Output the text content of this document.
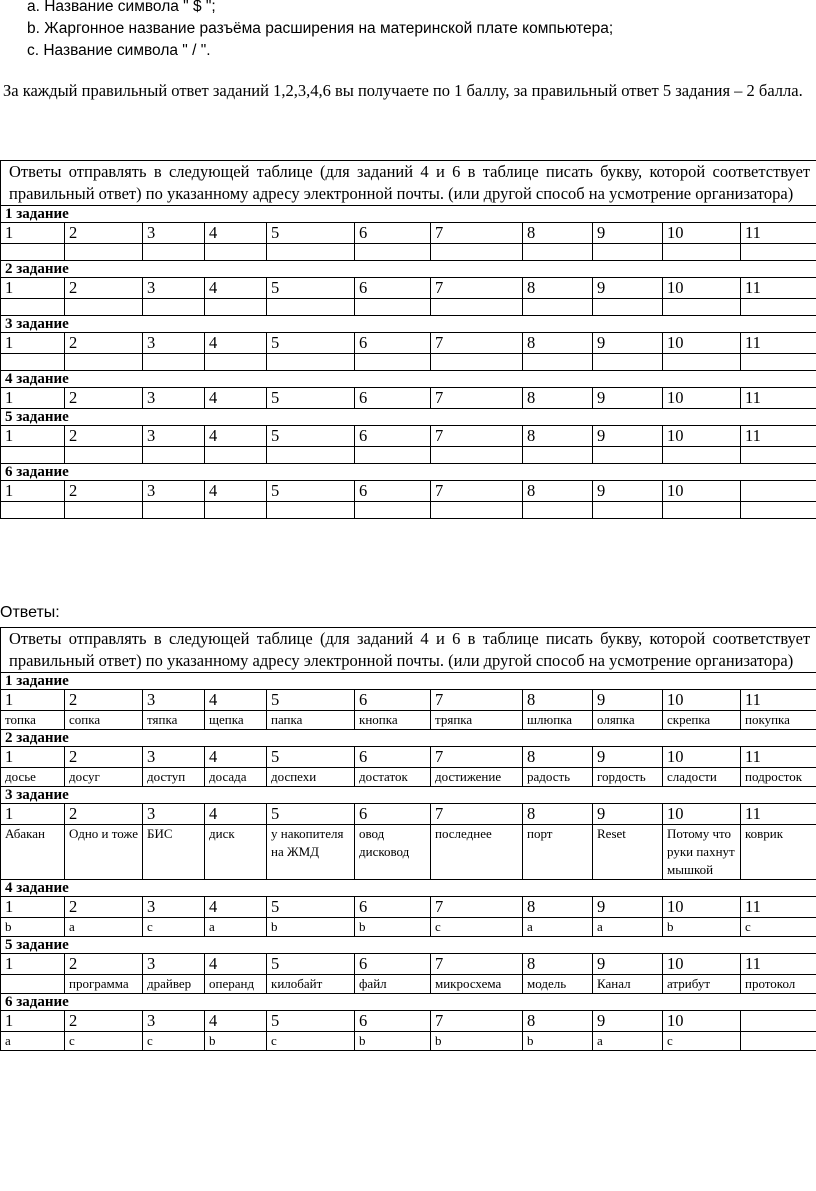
a. Название символа " $ ";
b. Жаргонное название разъёма расширения на материнской плате компьютера;
c. Название символа " / ".
За каждый правильный ответ заданий 1,2,3,4,6 вы получаете по 1 баллу, за правильный ответ 5 задания – 2 балла.
Ответы отправлять в следующей таблице (для заданий 4 и 6 в таблице писать букву, которой соответствует правильный ответ) по указанному адресу электронной почты. (или другой способ на усмотрение организатора)										
1 задание										
1	2	3	4	5	6	7	8	9	10	11

2 задание										
1	2	3	4	5	6	7	8	9	10	11

3 задание										
1	2	3	4	5	6	7	8	9	10	11

4 задание										
1	2	3	4	5	6	7	8	9	10	11
5 задание										
1	2	3	4	5	6	7	8	9	10	11

6 задание										
1	2	3	4	5	6	7	8	9	10	

Ответы:
Ответы отправлять в следующей таблице (для заданий 4 и 6 в таблице писать букву, которой соответствует правильный ответ) по указанному адресу электронной почты. (или другой способ на усмотрение организатора)										
1 задание										
1	2	3	4	5	6	7	8	9	10	11
топка	сопка	тяпка	щепка	папка	кнопка	тряпка	шлюпка	оляпка	скрепка	покупка
2 задание										
1	2	3	4	5	6	7	8	9	10	11
досье	досуг	доступ	досада	доспехи	достаток	достижение	радость	гордость	сладости	подросток
3 задание										
1	2	3	4	5	6	7	8	9	10	11
Абакан	Одно и тоже	БИС	диск	у накопителя на ЖМД	овод дисковод	последнее	порт	Reset	Потому что руки пахнут мышкой	коврик
4 задание										
1	2	3	4	5	6	7	8	9	10	11
b	a	c	a	b	b	c	a	a	b	c
5 задание										
1	2	3	4	5	6	7	8	9	10	11
	программа	драйвер	операнд	килобайт	файл	микросхема	модель	Канал	атрибут	протокол
6 задание										
1	2	3	4	5	6	7	8	9	10	
a	c	c	b	c	b	b	b	a	c	
